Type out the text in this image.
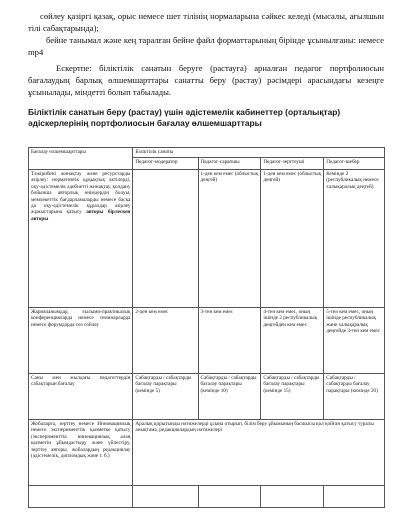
сөйлеу қазіргі қазақ, орыс немесе шет тілінің нормаларына сәйкес келеді (мысалы, ағылшын тілі сабақтарында);
бейне танымал және кең таралған бейне файл форматтарының бірінде ұсынылғаны: немесе mp4
Ескертпе: біліктілік санатын беруге (растауға) арналған педагог портфолиосын бағалаудың барлық өлшемшарттары санатты беру (растау) рәсімдері арасындағы кезеңге ұсынылады, міндетті болып табылады.
Біліктілік санатын беру (растау) үшін әдістемелік кабинеттер (орталықтар) әдіскерлерінің портфолиосын бағалау өлшемшарттары
Бағалау өлшемшарттары	Біліктілік санаты			
	Педагог-модератор	Педагог-сарапшы	Педагог-зерттеуші	Педагог-шебер
Тәжірибені жинақтау және ресурстарды әзірлеу: нормативтік құқықтық актілерді, оқу-әдістемелік әдебиетті жинақтау, қолдану бойынша авторлық өнімдердің болуы, мемлекеттік бағдарламаларды немесе басқа да оқу-әдістемелік құралдар әзірлеу жұмыстарына қатысу авторы бірлескен авторы		1-ден кем емес (облыстық деңгей)	1-ден кем емес (облыстық деңгей)	Кемінде 2 (республикалық немесе халықаралық деңгей)
Жарияланымдар, ғылыми-практикалық конференцияларда немесе семинарларда немесе форумдарда сөз сөйлеу	2-ден кем емес	3-тен кем емес	4-тен кем емес, оның ішінде 2 республикалық деңгейден кем емес	5-тен кем емес, оның ішінде республикалық және халықаралық деңгейде 3-тен кем емес
Саны мен жылдағы педагогтердің сабақтарын бағалау	Сабақтарды / сабақтарды бағалау парақтары (кемінде 5)	Сабақтарды / сабақтарды бағалау парақтары (кемінде 10)	Сабақтарды / сабақтарды бағалау парақтары (кемінде 15)	Сабақтарды / сабақтарды бағалау парақтары (кемінде 20)
Жобаларға, зерттеу немесе Инновациялық немесе эксперименттік қызметке қатысу (эксперименттік инновациялық алаң қызметін ұйымдастыру және үйлестіру, зерттеу авторы, жобалардың редакциялау (әдістемелік, дипломдық және т. б.)	Аралық қорытынды нәтижелерді ұсына отырып, білім беру ұйымының басшысы қол қойған қатысу туралы анықтама, редакциялардың нәтижелері			
